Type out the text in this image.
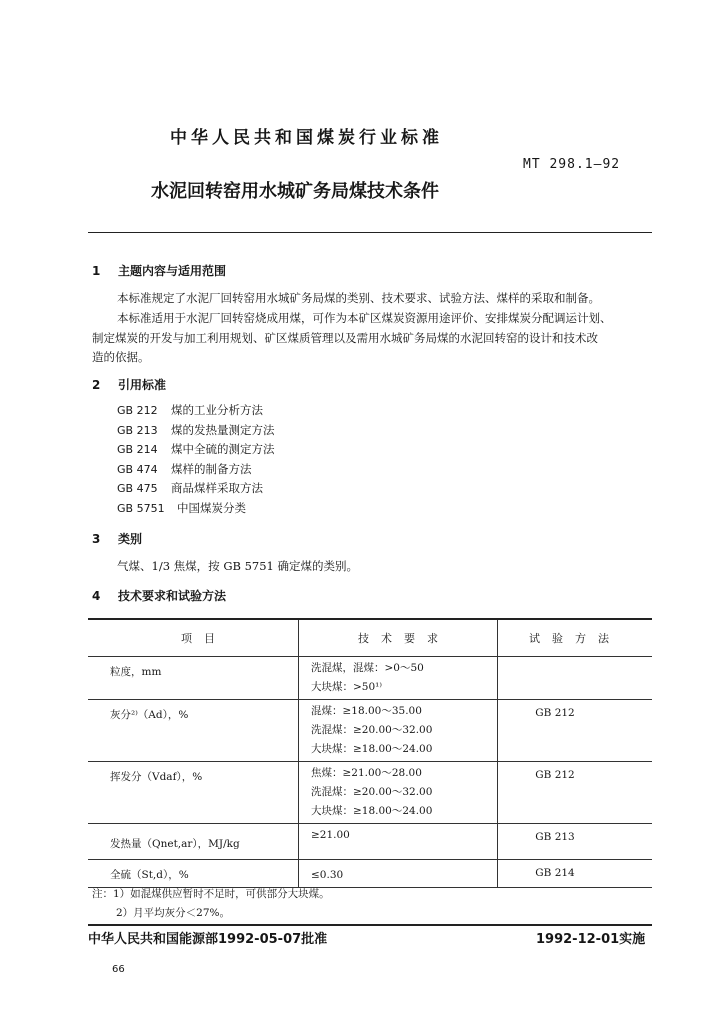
中华人民共和国煤炭行业标准
MT 298.1—92
水泥回转窑用水城矿务局煤技术条件
1 主题内容与适用范围
本标准规定了水泥厂回转窑用水城矿务局煤的类别、技术要求、试验方法、煤样的采取和制备。
本标准适用于水泥厂回转窑烧成用煤，可作为本矿区煤炭资源用途评价、安排煤炭分配调运计划、
制定煤炭的开发与加工利用规划、矿区煤质管理以及需用水城矿务局煤的水泥回转窑的设计和技术改
造的依据。
2 引用标准
GB 212 煤的工业分析方法
GB 213 煤的发热量测定方法
GB 214 煤中全硫的测定方法
GB 474 煤样的制备方法
GB 475 商品煤样采取方法
GB 5751 中国煤炭分类
3 类别
气煤、1/3 焦煤，按 GB 5751 确定煤的类别。
4 技术要求和试验方法
项目	技术要求	试验方法
粒度，mm	洗混煤，混煤：>0～50
大块煤：>50¹⁾	

灰分²⁾（Ad），%	混煤：≥18.00～35.00
洗混煤：≥20.00～32.00
大块煤：≥18.00～24.00	GB 212
挥发分（Vdaf），%	焦煤：≥21.00～28.00
洗混煤：≥20.00～32.00
大块煤：≥18.00～24.00	GB 212
发热量（Qnet,ar），MJ/kg	≥21.00	GB 213
全硫（St,d），%	≤0.30	GB 214
注：1）如混煤供应暂时不足时，可供部分大块煤。
2）月平均灰分＜27%。
中华人民共和国能源部1992-05-07批准	1992-12-01实施
66
